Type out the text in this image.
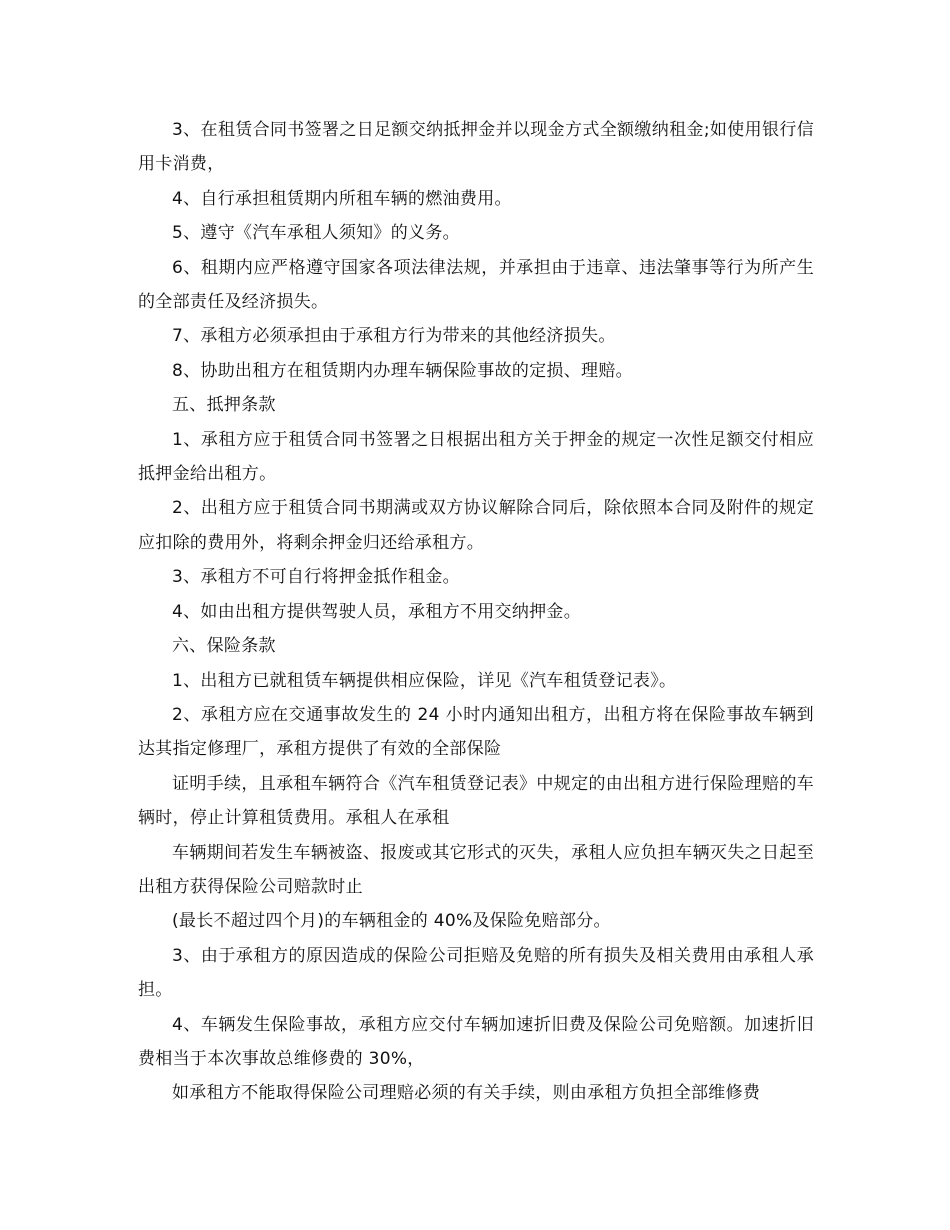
3、在租赁合同书签署之日足额交纳抵押金并以现金方式全额缴纳租金;如使用银行信用卡消费，

4、自行承担租赁期内所租车辆的燃油费用。

5、遵守《汽车承租人须知》的义务。

6、租期内应严格遵守国家各项法律法规，并承担由于违章、违法肇事等行为所产生的全部责任及经济损失。

7、承租方必须承担由于承租方行为带来的其他经济损失。

8、协助出租方在租赁期内办理车辆保险事故的定损、理赔。

五、抵押条款

1、承租方应于租赁合同书签署之日根据出租方关于押金的规定一次性足额交付相应抵押金给出租方。

2、出租方应于租赁合同书期满或双方协议解除合同后，除依照本合同及附件的规定应扣除的费用外，将剩余押金归还给承租方。

3、承租方不可自行将押金抵作租金。

4、如由出租方提供驾驶人员，承租方不用交纳押金。

六、保险条款

1、出租方已就租赁车辆提供相应保险，详见《汽车租赁登记表》。

2、承租方应在交通事故发生的 24 小时内通知出租方，出租方将在保险事故车辆到达其指定修理厂，承租方提供了有效的全部保险

证明手续，且承租车辆符合《汽车租赁登记表》中规定的由出租方进行保险理赔的车辆时，停止计算租赁费用。承租人在承租

车辆期间若发生车辆被盗、报废或其它形式的灭失，承租人应负担车辆灭失之日起至出租方获得保险公司赔款时止

(最长不超过四个月)的车辆租金的 40%及保险免赔部分。

3、由于承租方的原因造成的保险公司拒赔及免赔的所有损失及相关费用由承租人承担。

4、车辆发生保险事故，承租方应交付车辆加速折旧费及保险公司免赔额。加速折旧费相当于本次事故总维修费的 30%，

如承租方不能取得保险公司理赔必须的有关手续，则由承租方负担全部维修费
